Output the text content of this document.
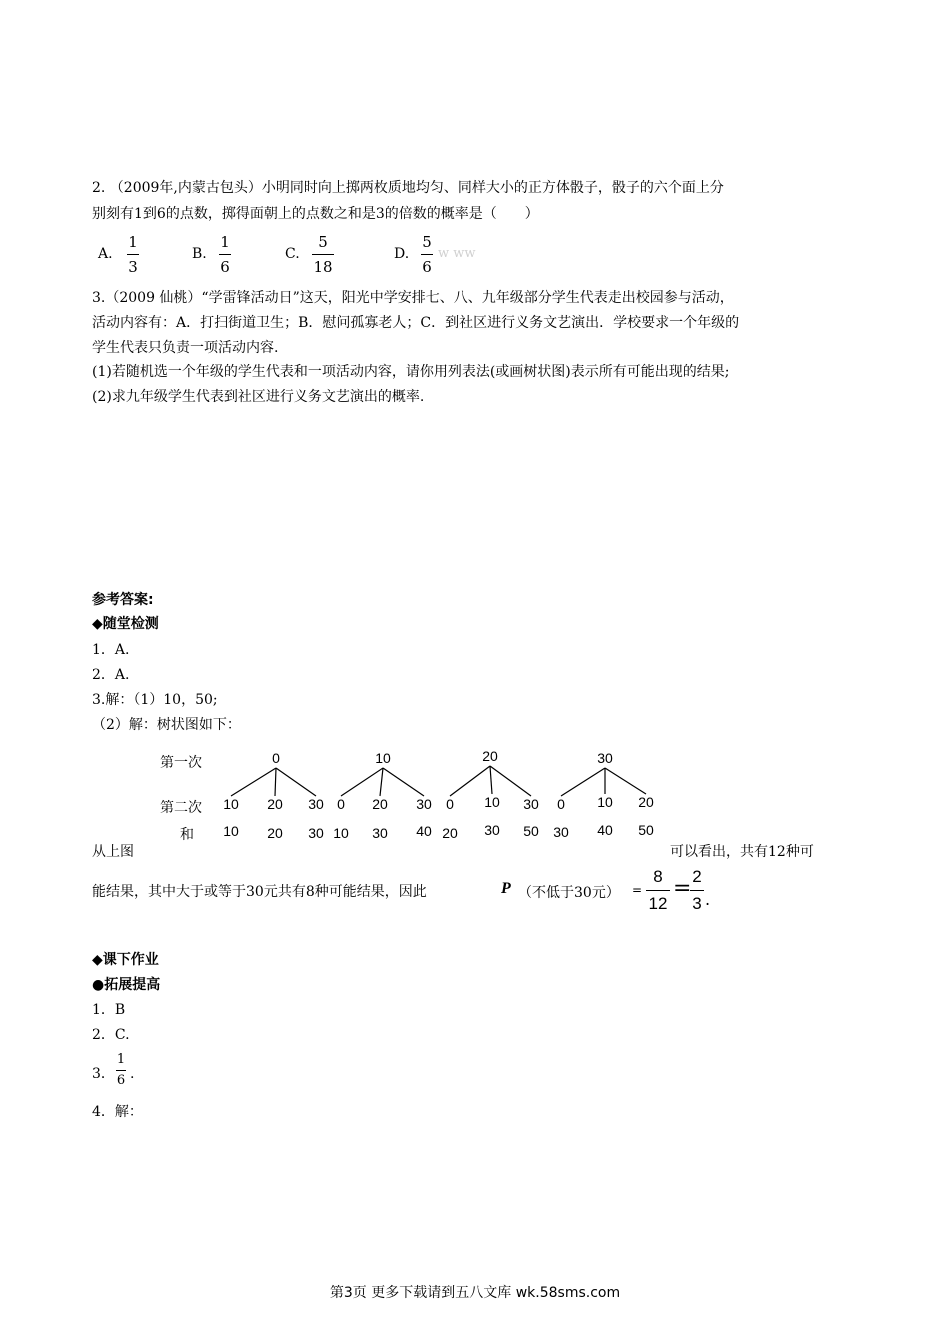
2. （2009年,内蒙古包头）小明同时向上掷两枚质地均匀、同样大小的正方体骰子，骰子的六个面上分
别刻有1到6的点数，掷得面朝上的点数之和是3的倍数的概率是（　　）
A.
1
3
B.
1
6
C.
5
18
D.
5
6
w ww
3.（2009 仙桃）“学雷锋活动日”这天，阳光中学安排七、八、九年级部分学生代表走出校园参与活动，
活动内容有：A．打扫街道卫生；B．慰问孤寡老人；C．到社区进行义务文艺演出．学校要求一个年级的
学生代表只负责一项活动内容.
(1)若随机选一个年级的学生代表和一项活动内容，请你用列表法(或画树状图)表示所有可能出现的结果;
(2)求九年级学生代表到社区进行义务文艺演出的概率.
参考答案:
◆随堂检测
1．A.
2．A.
3.解：（1）10，50;
（2）解：树状图如下：
第一次
第二次
和
0
10
10
20
20
30
30
10
0
10
20
30
30
40
20
0
20
10
30
30
50
30
0
30
10
40
20
50
从上图	可以看出，共有12种可
能结果，其中大于或等于30元共有8种可能结果，因此	P （不低于30元） =
8
12
= 2
3 .
◆课下作业
●拓展提高
1．B
2．C.
3．
1
6 .
4．解：
第3页 更多下载请到五八文库 wk.58sms.com
